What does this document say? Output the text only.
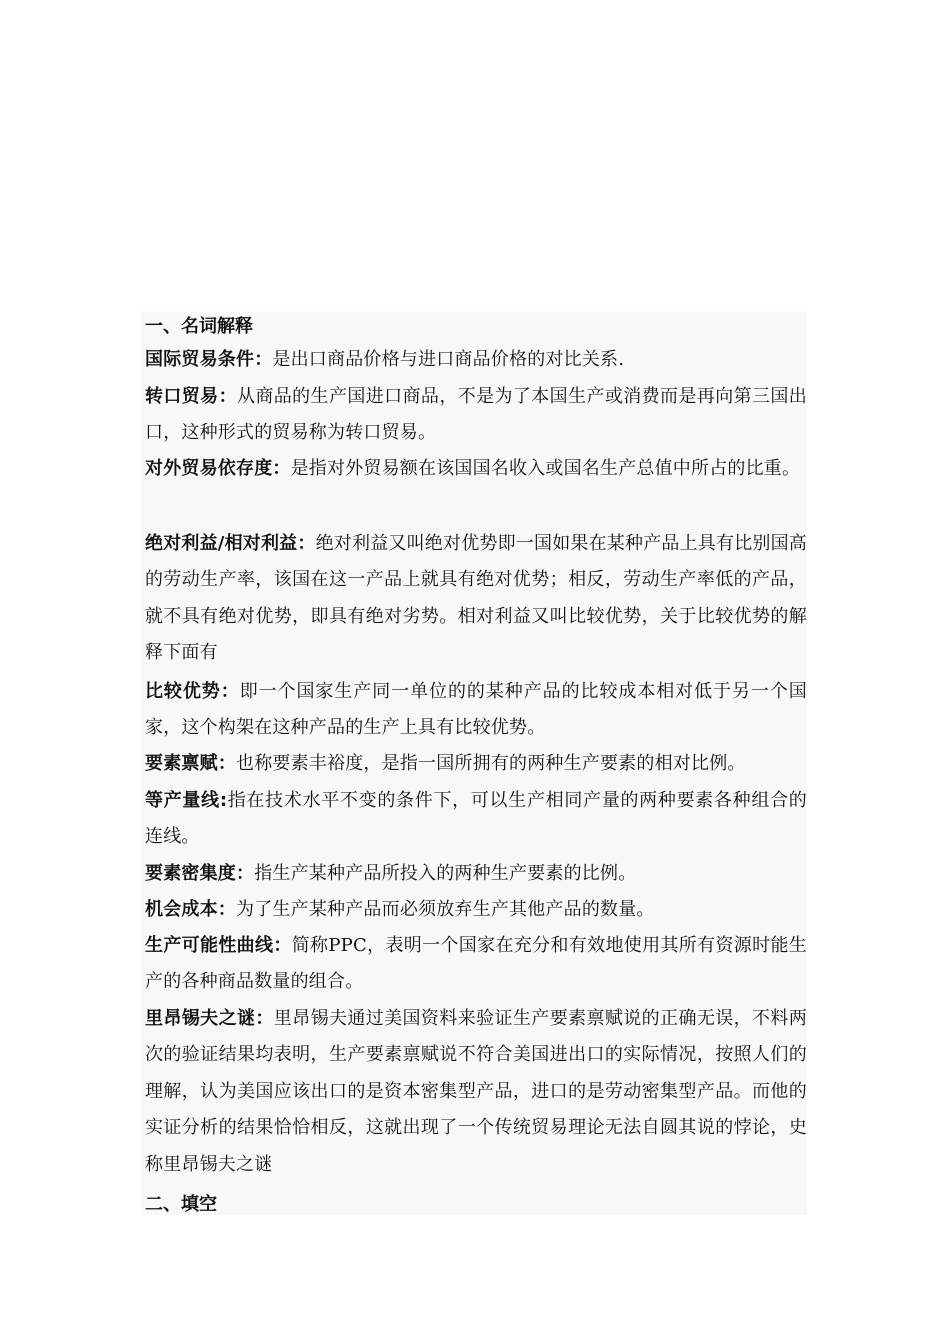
一、名词解释
国际贸易条件：是出口商品价格与进口商品价格的对比关系.
转口贸易：从商品的生产国进口商品，不是为了本国生产或消费而是再向第三国出口，这种形式的贸易称为转口贸易。
对外贸易依存度：是指对外贸易额在该国国名收入或国名生产总值中所占的比重。
绝对利益/相对利益：绝对利益又叫绝对优势即一国如果在某种产品上具有比别国高的劳动生产率，该国在这一产品上就具有绝对优势；相反，劳动生产率低的产品，就不具有绝对优势，即具有绝对劣势。相对利益又叫比较优势，关于比较优势的解释下面有
比较优势：即一个国家生产同一单位的的某种产品的比较成本相对低于另一个国家，这个构架在这种产品的生产上具有比较优势。
要素禀赋：也称要素丰裕度，是指一国所拥有的两种生产要素的相对比例。
等产量线:指在技术水平不变的条件下，可以生产相同产量的两种要素各种组合的连线。
要素密集度：指生产某种产品所投入的两种生产要素的比例。
机会成本：为了生产某种产品而必须放弃生产其他产品的数量。
生产可能性曲线：简称PPC，表明一个国家在充分和有效地使用其所有资源时能生产的各种商品数量的组合。
里昂锡夫之谜：里昂锡夫通过美国资料来验证生产要素禀赋说的正确无误，不料两次的验证结果均表明，生产要素禀赋说不符合美国进出口的实际情况，按照人们的理解，认为美国应该出口的是资本密集型产品，进口的是劳动密集型产品。而他的实证分析的结果恰恰相反，这就出现了一个传统贸易理论无法自圆其说的悖论，史称里昂锡夫之谜
二、填空
